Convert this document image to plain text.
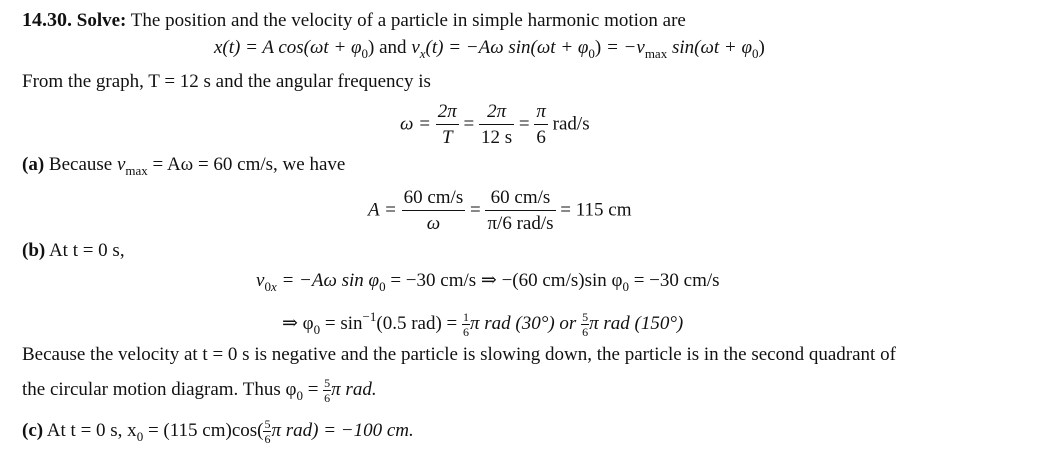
14.30. Solve: The position and the velocity of a particle in simple harmonic motion are
x(t) = A $\cos(\omega t + \varphi_0)$ and $v_x(t) = -A\omega$ $\sin(\omega t + \varphi_0) = -v_{max}$ $\sin(\omega t + \varphi_0)$
From the graph, T = 12 s and the angular frequency is
$\omega = \frac{2\pi}{T} = \frac{2\pi}{12 s} = \frac{\pi}{6} rad/s$
(a) Because $v_{max} = A\omega = 60$ cm/s, we have
$A = \frac{60 cm/s}{\omega} = \frac{60 cm/s}{\text{π/6 rad/s}} = 115$ cm
(b) At t = 0 s,
$v_{0x} = -A\omega$ $\sin \varphi_0 = -30$ cm/s ⇒ −(60 cm/s)sin $\varphi_0 = -30$ cm/s
⇒ $\varphi_0 = \sin^{-1}(0.5$ $rad) = \frac{1}{6}$ π rad (30°) or $\frac{5}{6}$ π rad (150°)
Because the velocity at t = 0 s is negative and the particle is slowing down, the particle is in the second quadrant of
the circular motion diagram. Thus $\varphi_0 = \frac{5}{6}$ π rad.
(c) At t = 0 s, $x_0 = (115$ $cm)\cos( \frac{5}{6}$ π rad) = −100 cm.
